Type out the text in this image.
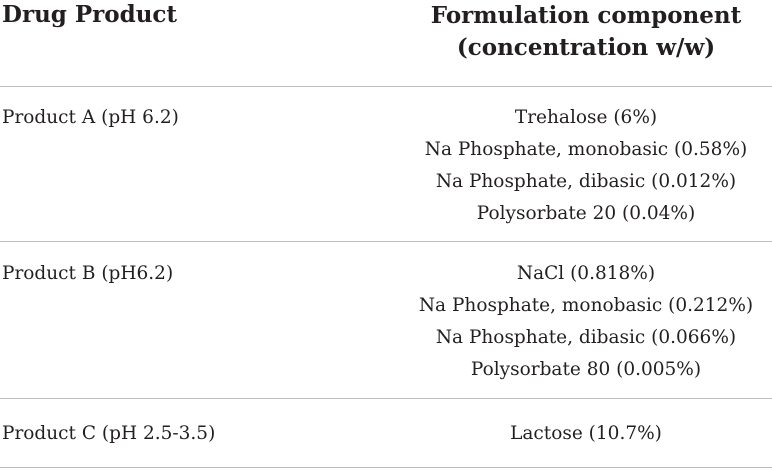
Drug Product	Formulation component
(concentration w/w)
Product A (pH 6.2)	Trehalose (6%)
Na Phosphate, monobasic (0.58%)
Na Phosphate, dibasic (0.012%)
Polysorbate 20 (0.04%)
Product B (pH6.2)	NaCl (0.818%)
Na Phosphate, monobasic (0.212%)
Na Phosphate, dibasic (0.066%)
Polysorbate 80 (0.005%)
Product C (pH 2.5-3.5)	Lactose (10.7%)
